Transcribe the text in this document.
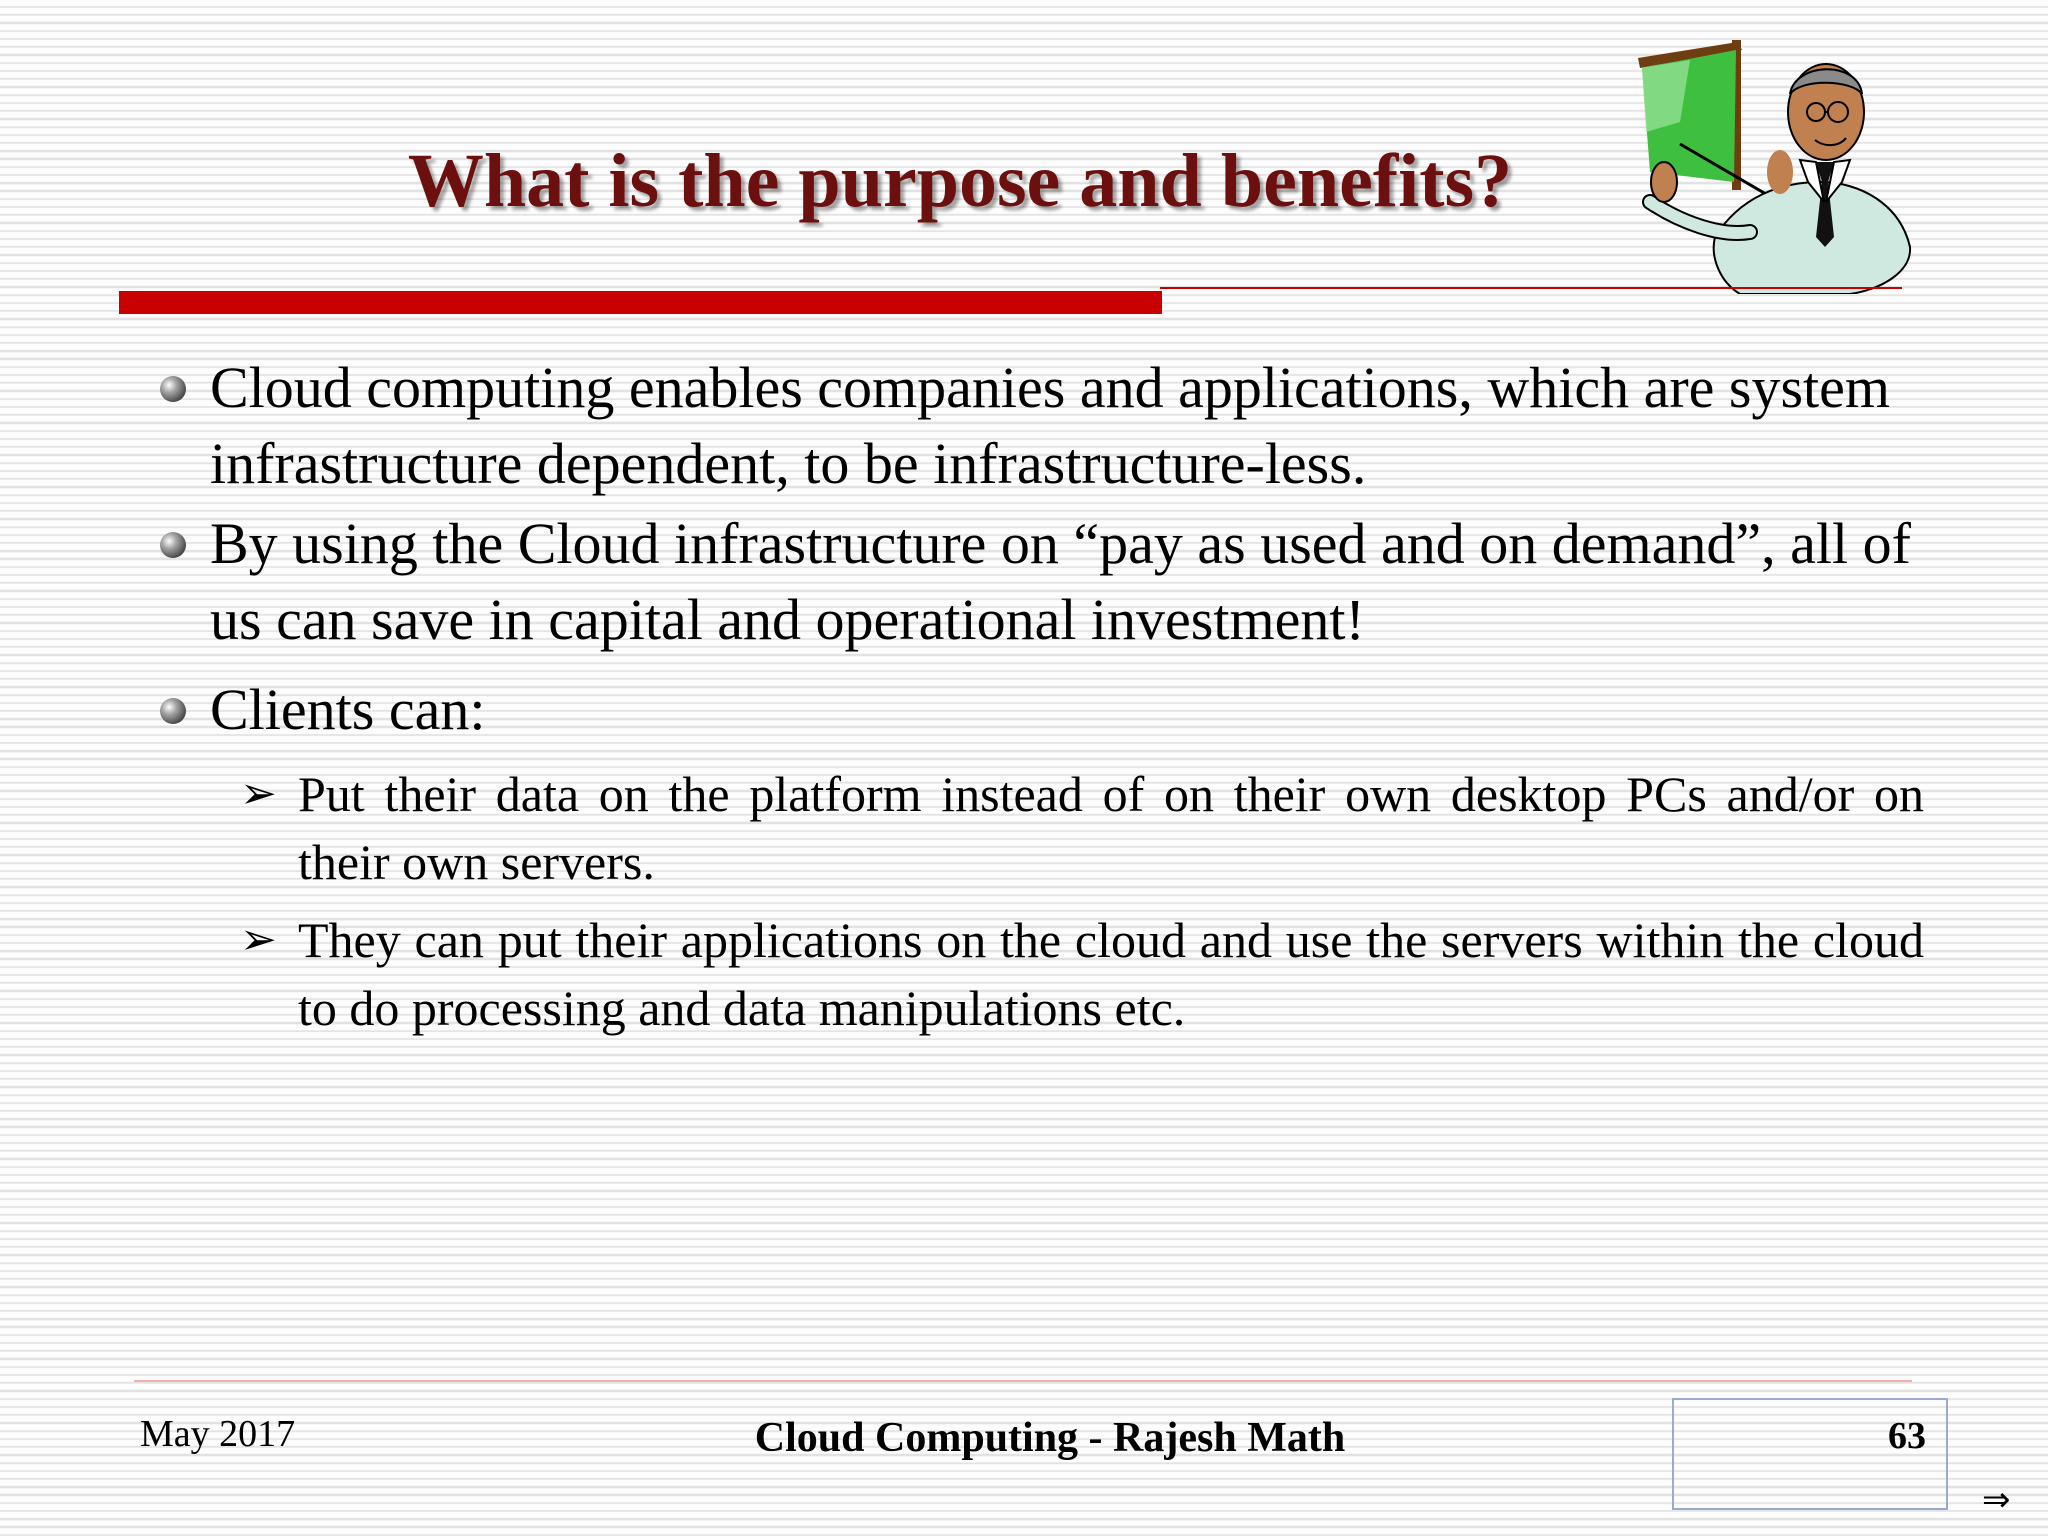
What is the purpose and benefits?
Cloud computing enables companies and applications, which are system infrastructure dependent, to be infrastructure-less.
By using the Cloud infrastructure on “pay as used and on demand”, all of us can save in capital and operational investment!
Clients can:
➢ Put their data on the platform instead of on their own desktop PCs and/or on their own servers.
➢ They can put their applications on the cloud and use the servers within the cloud to do processing and data manipulations etc.
May 2017	Cloud Computing - Rajesh Math	63
⇒
